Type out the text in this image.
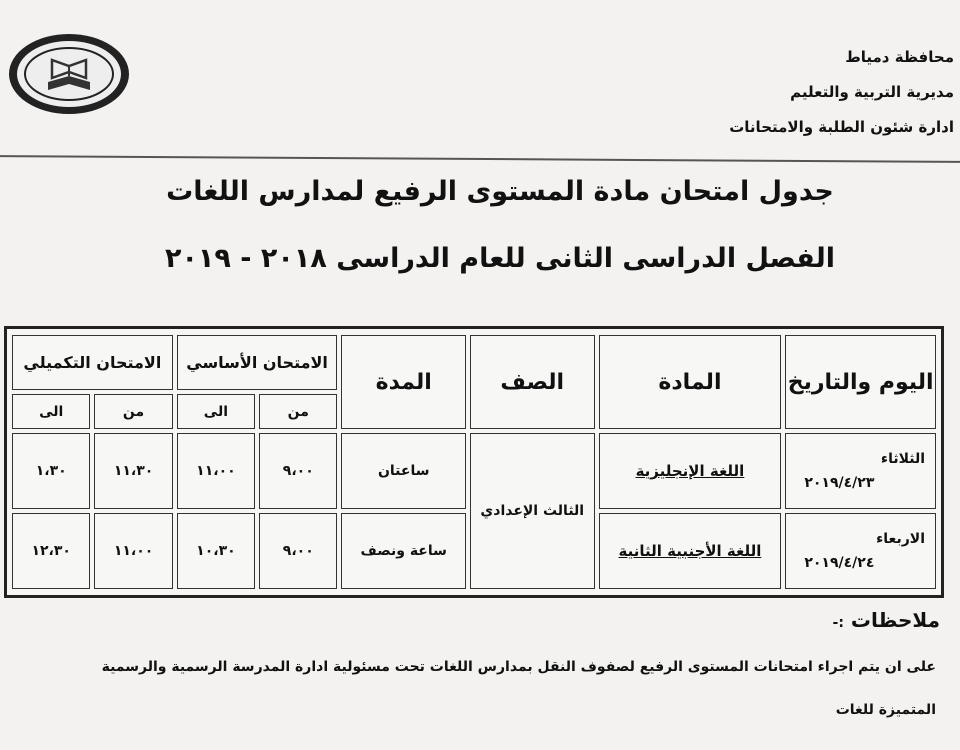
محافظة دمياط
مديرية التربية والتعليم
ادارة شئون الطلبة والامتحانات
جدول امتحان مادة المستوى الرفيع لمدارس اللغات
الفصل الدراسى الثانى للعام الدراسى ٢٠١٨ - ٢٠١٩
اليوم والتاريخ	المادة	الصف	المدة	الامتحان الأساسي		الامتحان التكميلي	
				من	الى	من	الى

الثلاثاء
٢٠١٩/٤/٢٣	اللغة الإنجليزية	الثالث الإعدادي	ساعتان	٩،٠٠	١١،٠٠	١١،٣٠	١،٣٠

الاربعاء
٢٠١٩/٤/٢٤	اللغة الأجنبية الثانية		ساعة ونصف	٩،٠٠	١٠،٣٠	١١،٠٠	١٢،٣٠
ملاحظات :-
على ان يتم اجراء امتحانات المستوى الرفيع لصفوف النقل بمدارس اللغات تحت مسئولية ادارة المدرسة الرسمية والرسمية
المتميزة للغات
